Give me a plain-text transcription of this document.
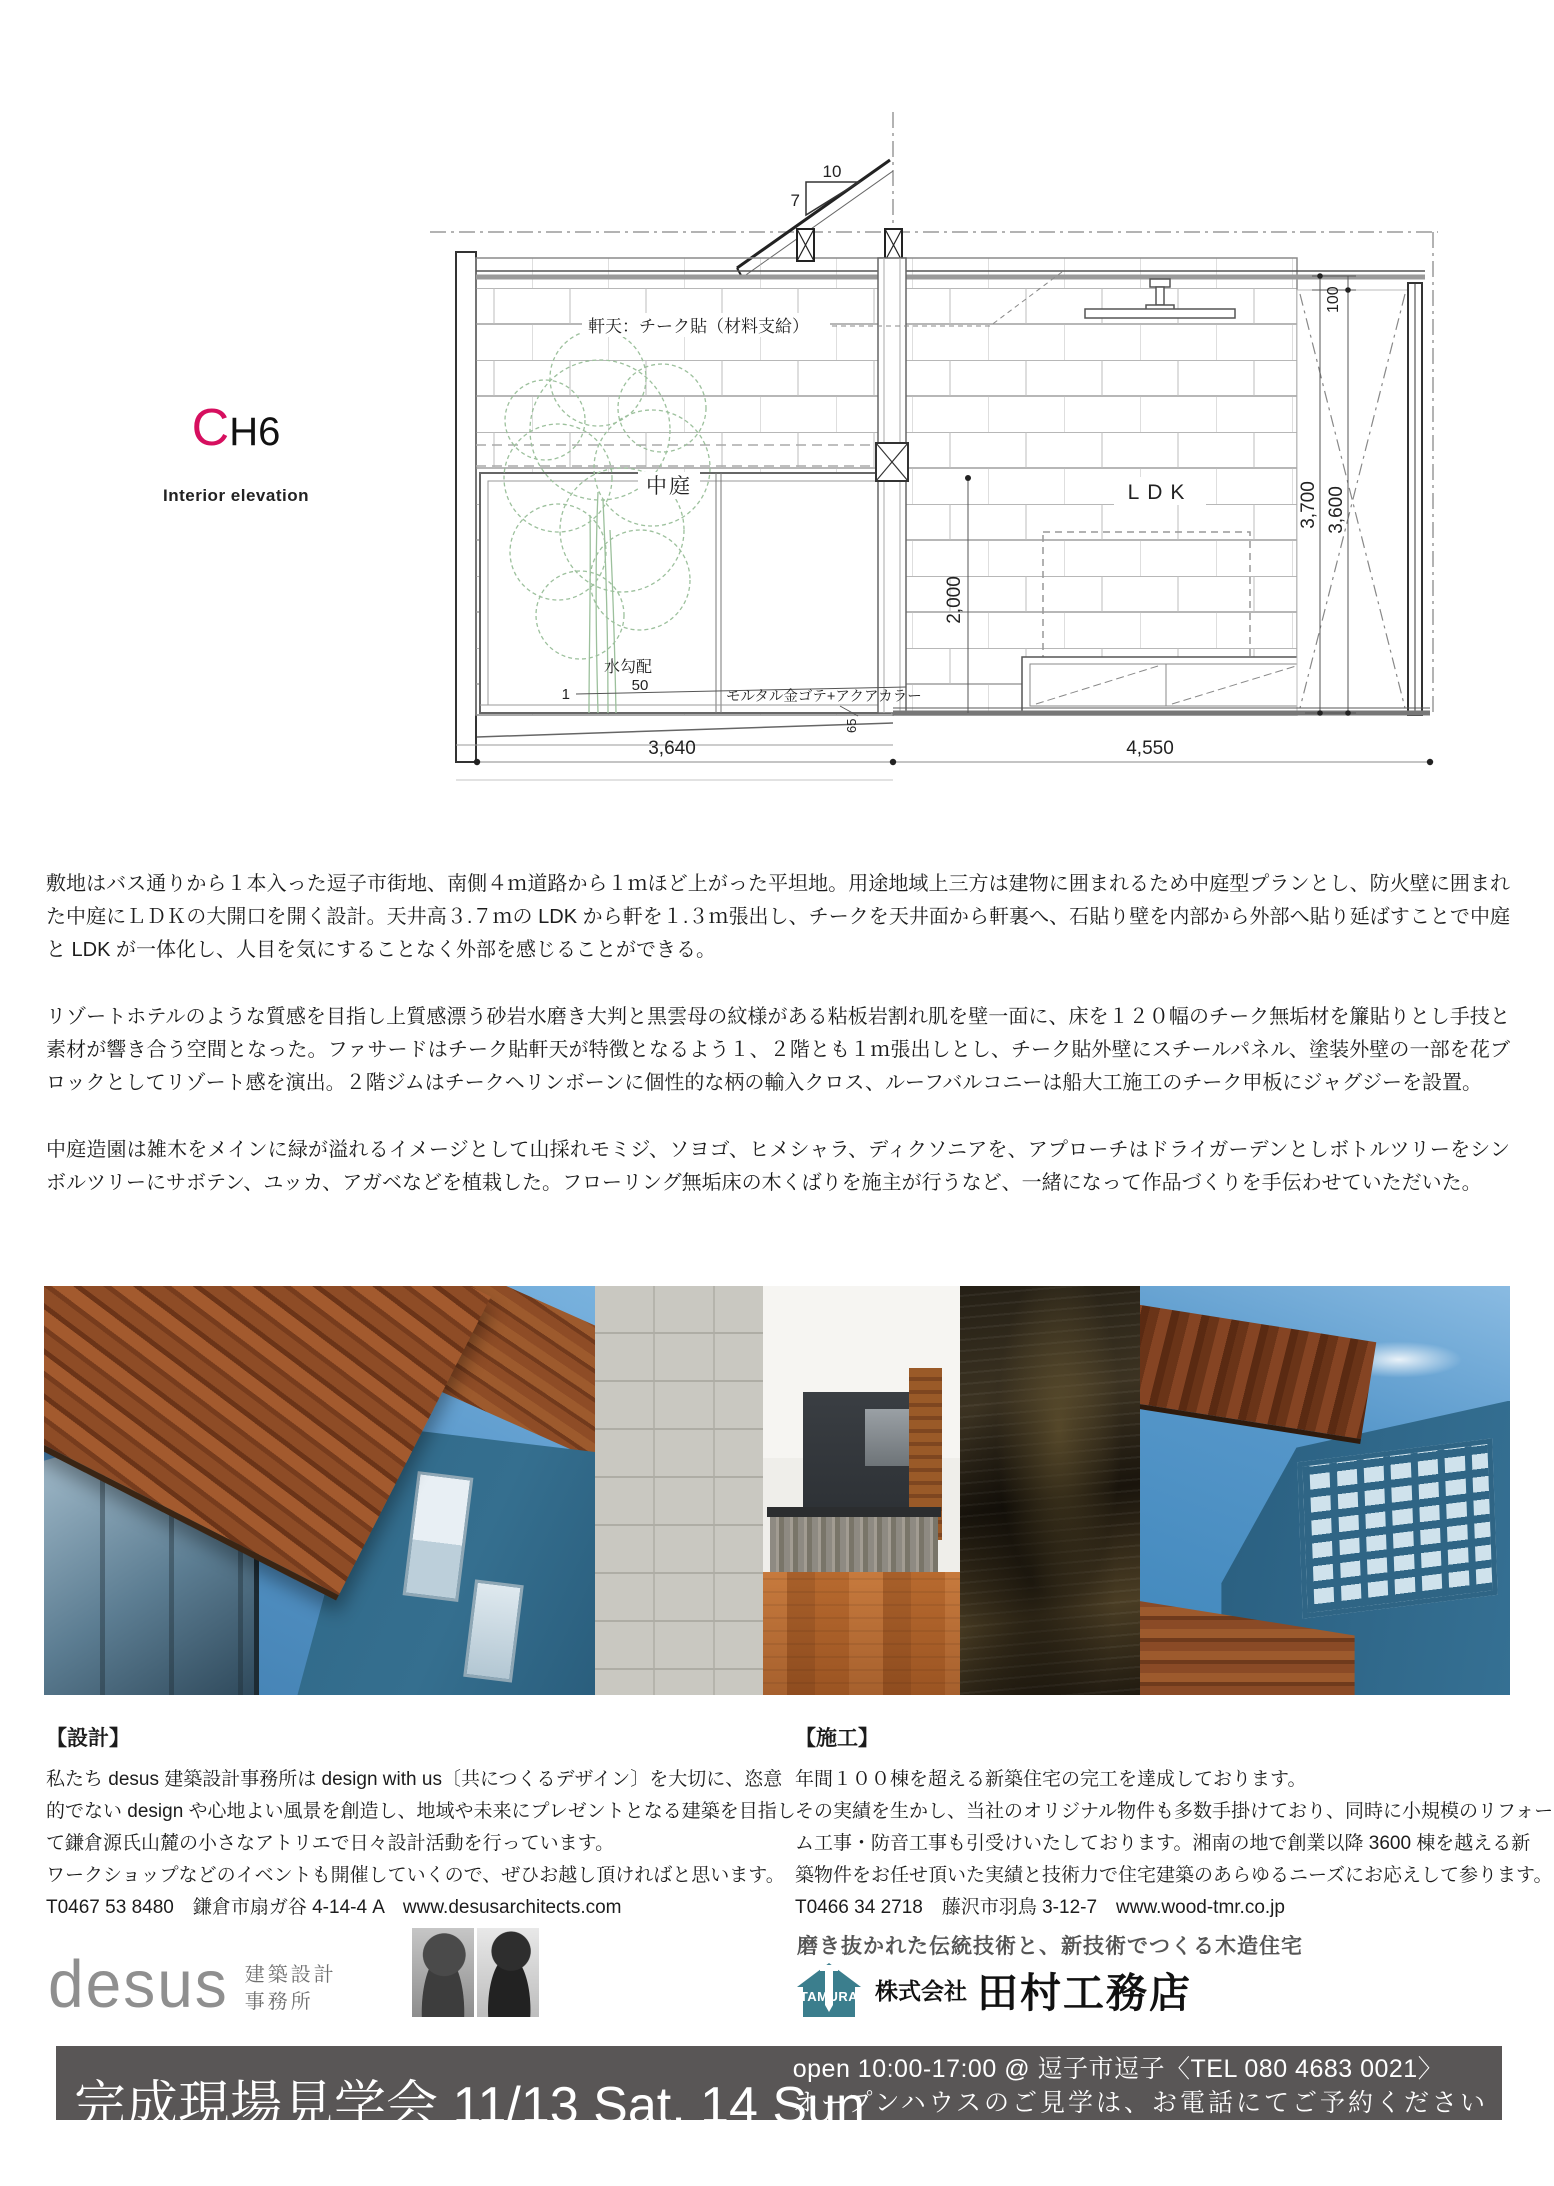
CH6
Interior elevation
10
7
中庭	LDK
3,640	4,550
3,700 3,600
100
2,000
軒天：チーク貼（材料支給）
水勾配
50
1	モルタル金ゴテ+アクアカラー
65

敷地はバス通りから１本入った逗子市街地、南側４ｍ道路から１ｍほど上がった平坦地。用途地域上三方は建物に囲まれるため中庭型プランとし、防火壁に囲まれた中庭にＬＤＫの大開口を開く設計。天井高３.７ｍの LDK から軒を１.３ｍ張出し、チークを天井面から軒裏へ、石貼り壁を内部から外部へ貼り延ばすことで中庭と LDK が一体化し、人目を気にすることなく外部を感じることができる。

リゾートホテルのような質感を目指し上質感漂う砂岩水磨き大判と黒雲母の紋様がある粘板岩割れ肌を壁一面に、床を１２０幅のチーク無垢材を簾貼りとし手技と素材が響き合う空間となった。ファサードはチーク貼軒天が特徴となるよう１、２階とも１ｍ張出しとし、チーク貼外壁にスチールパネル、塗装外壁の一部を花ブロックとしてリゾート感を演出。２階ジムはチークヘリンボーンに個性的な柄の輸入クロス、ルーフバルコニーは船大工施工のチーク甲板にジャグジーを設置。

中庭造園は雑木をメインに緑が溢れるイメージとして山採れモミジ、ソヨゴ、ヒメシャラ、ディクソニアを、アプローチはドライガーデンとしボトルツリーをシンボルツリーにサボテン、ユッカ、アガベなどを植栽した。フローリング無垢床の木くばりを施主が行うなど、一緒になって作品づくりを手伝わせていただいた。

【設計】
私たち desus 建築設計事務所は design with us〔共につくるデザイン〕を大切に、恣意
的でない design や心地よい風景を創造し、地域や未来にプレゼントとなる建築を目指し
て鎌倉源氏山麓の小さなアトリエで日々設計活動を行っています。
ワークショップなどのイベントも開催していくので、ぜひお越し頂ければと思います。
T0467 53 8480　鎌倉市扇ガ谷 4-14-4 A　www.desusarchitects.com
【施工】
年間１００棟を超える新築住宅の完工を達成しております。
その実績を生かし、当社のオリジナル物件も多数手掛けており、同時に小規模のリフォー
ム工事・防音工事も引受けいたしております。湘南の地で創業以降 3600 棟を越える新
築物件をお任せ頂いた実績と技術力で住宅建築のあらゆるニーズにお応えして参ります。
T0466 34 2718　藤沢市羽鳥 3-12-7　www.wood-tmr.co.jp
磨き抜かれた伝統技術と、新技術でつくる木造住宅
TAMURA 株式会社 田村工務店
desus 建築設計
事務所
完成現場見学会 11/13 Sat, 14 Sun
open 10:00-17:00 @ 逗子市逗子〈TEL 080 4683 0021〉
オープンハウスのご見学は、お電話にてご予約ください
